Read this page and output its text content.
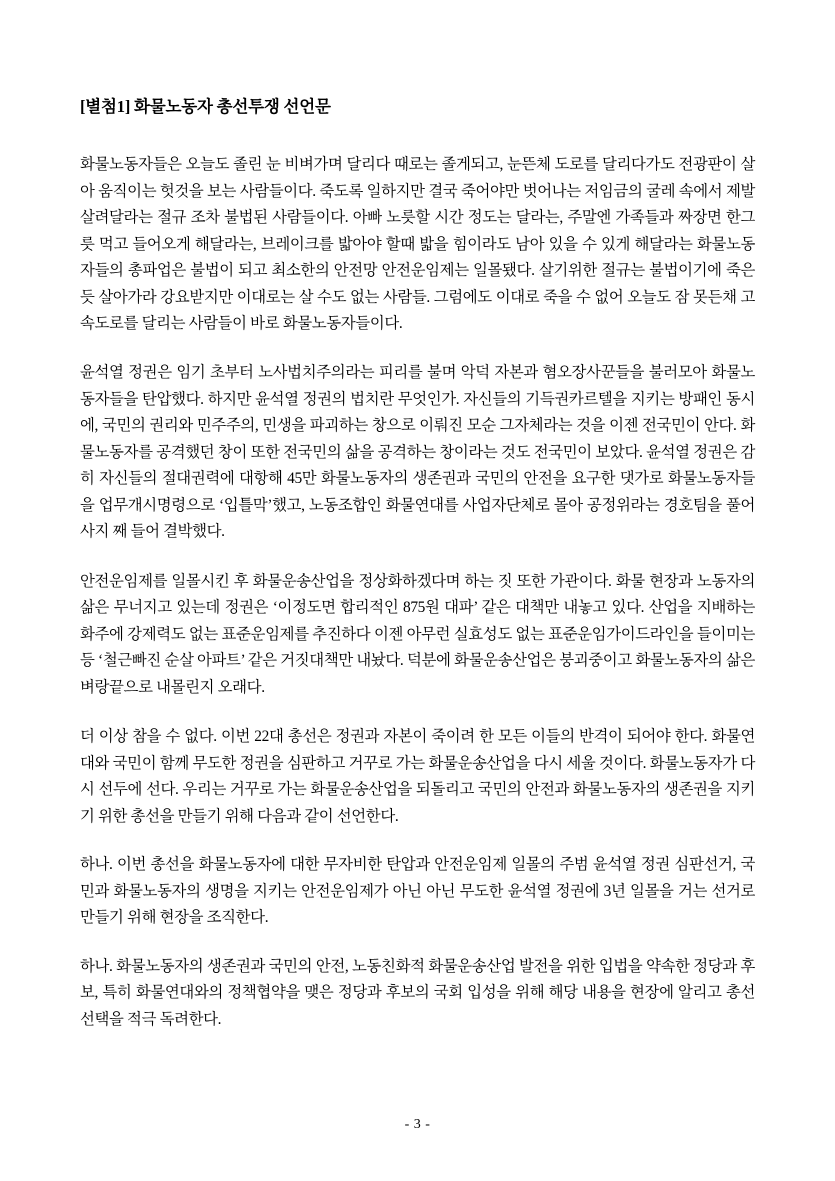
[별첨1] 화물노동자 총선투쟁 선언문

화물노동자들은 오늘도 졸린 눈 비벼가며 달리다 때로는 졸게되고, 눈뜬체 도로를 달리다가도 전광판이 살아 움직이는 헛것을 보는 사람들이다. 죽도록 일하지만 결국 죽어야만 벗어나는 저임금의 굴레 속에서 제발 살려달라는 절규 조차 불법된 사람들이다. 아빠 노릇할 시간 정도는 달라는, 주말엔 가족들과 짜장면 한그릇 먹고 들어오게 해달라는, 브레이크를 밟아야 할때 밟을 힘이라도 남아 있을 수 있게 해달라는 화물노동자들의 총파업은 불법이 되고 최소한의 안전망 안전운임제는 일몰됐다. 살기위한 절규는 불법이기에 죽은듯 살아가라 강요받지만 이대로는 살 수도 없는 사람들. 그럼에도 이대로 죽을 수 없어 오늘도 잠 못든채 고속도로를 달리는 사람들이 바로 화물노동자들이다.

윤석열 정권은 임기 초부터 노사법치주의라는 피리를 불며 악덕 자본과 혐오장사꾼들을 불러모아 화물노동자들을 탄압했다. 하지만 윤석열 정권의 법치란 무엇인가. 자신들의 기득권카르텔을 지키는 방패인 동시에, 국민의 권리와 민주주의, 민생을 파괴하는 창으로 이뤄진 모순 그자체라는 것을 이젠 전국민이 안다. 화물노동자를 공격했던 창이 또한 전국민의 삶을 공격하는 창이라는 것도 전국민이 보았다. 윤석열 정권은 감히 자신들의 절대권력에 대항해 45만 화물노동자의 생존권과 국민의 안전을 요구한 댓가로 화물노동자들을 업무개시명령으로 ‘입틀막’했고, 노동조합인 화물연대를 사업자단체로 몰아 공정위라는 경호팀을 풀어 사지 째 들어 결박했다.

안전운임제를 일몰시킨 후 화물운송산업을 정상화하겠다며 하는 짓 또한 가관이다. 화물 현장과 노동자의 삶은 무너지고 있는데 정권은 ‘이정도면 합리적인 875원 대파’ 같은 대책만 내놓고 있다. 산업을 지배하는 화주에 강제력도 없는 표준운임제를 추진하다 이젠 아무런 실효성도 없는 표준운임가이드라인을 들이미는 등 ‘철근빠진 순살 아파트’ 같은 거짓대책만 내놨다. 덕분에 화물운송산업은 붕괴중이고 화물노동자의 삶은 벼랑끝으로 내몰린지 오래다.

더 이상 참을 수 없다. 이번 22대 총선은 정권과 자본이 죽이려 한 모든 이들의 반격이 되어야 한다. 화물연대와 국민이 함께 무도한 정권을 심판하고 거꾸로 가는 화물운송산업을 다시 세울 것이다. 화물노동자가 다시 선두에 선다. 우리는 거꾸로 가는 화물운송산업을 되돌리고 국민의 안전과 화물노동자의 생존권을 지키기 위한 총선을 만들기 위해 다음과 같이 선언한다.

하나. 이번 총선을 화물노동자에 대한 무자비한 탄압과 안전운임제 일몰의 주범 윤석열 정권 심판선거, 국민과 화물노동자의 생명을 지키는 안전운임제가 아닌 아닌 무도한 윤석열 정권에 3년 일몰을 거는 선거로 만들기 위해 현장을 조직한다.

하나. 화물노동자의 생존권과 국민의 안전, 노동친화적 화물운송산업 발전을 위한 입법을 약속한 정당과 후보, 특히 화물연대와의 정책협약을 맺은 정당과 후보의 국회 입성을 위해 해당 내용을 현장에 알리고 총선 선택을 적극 독려한다.

- 3 -
